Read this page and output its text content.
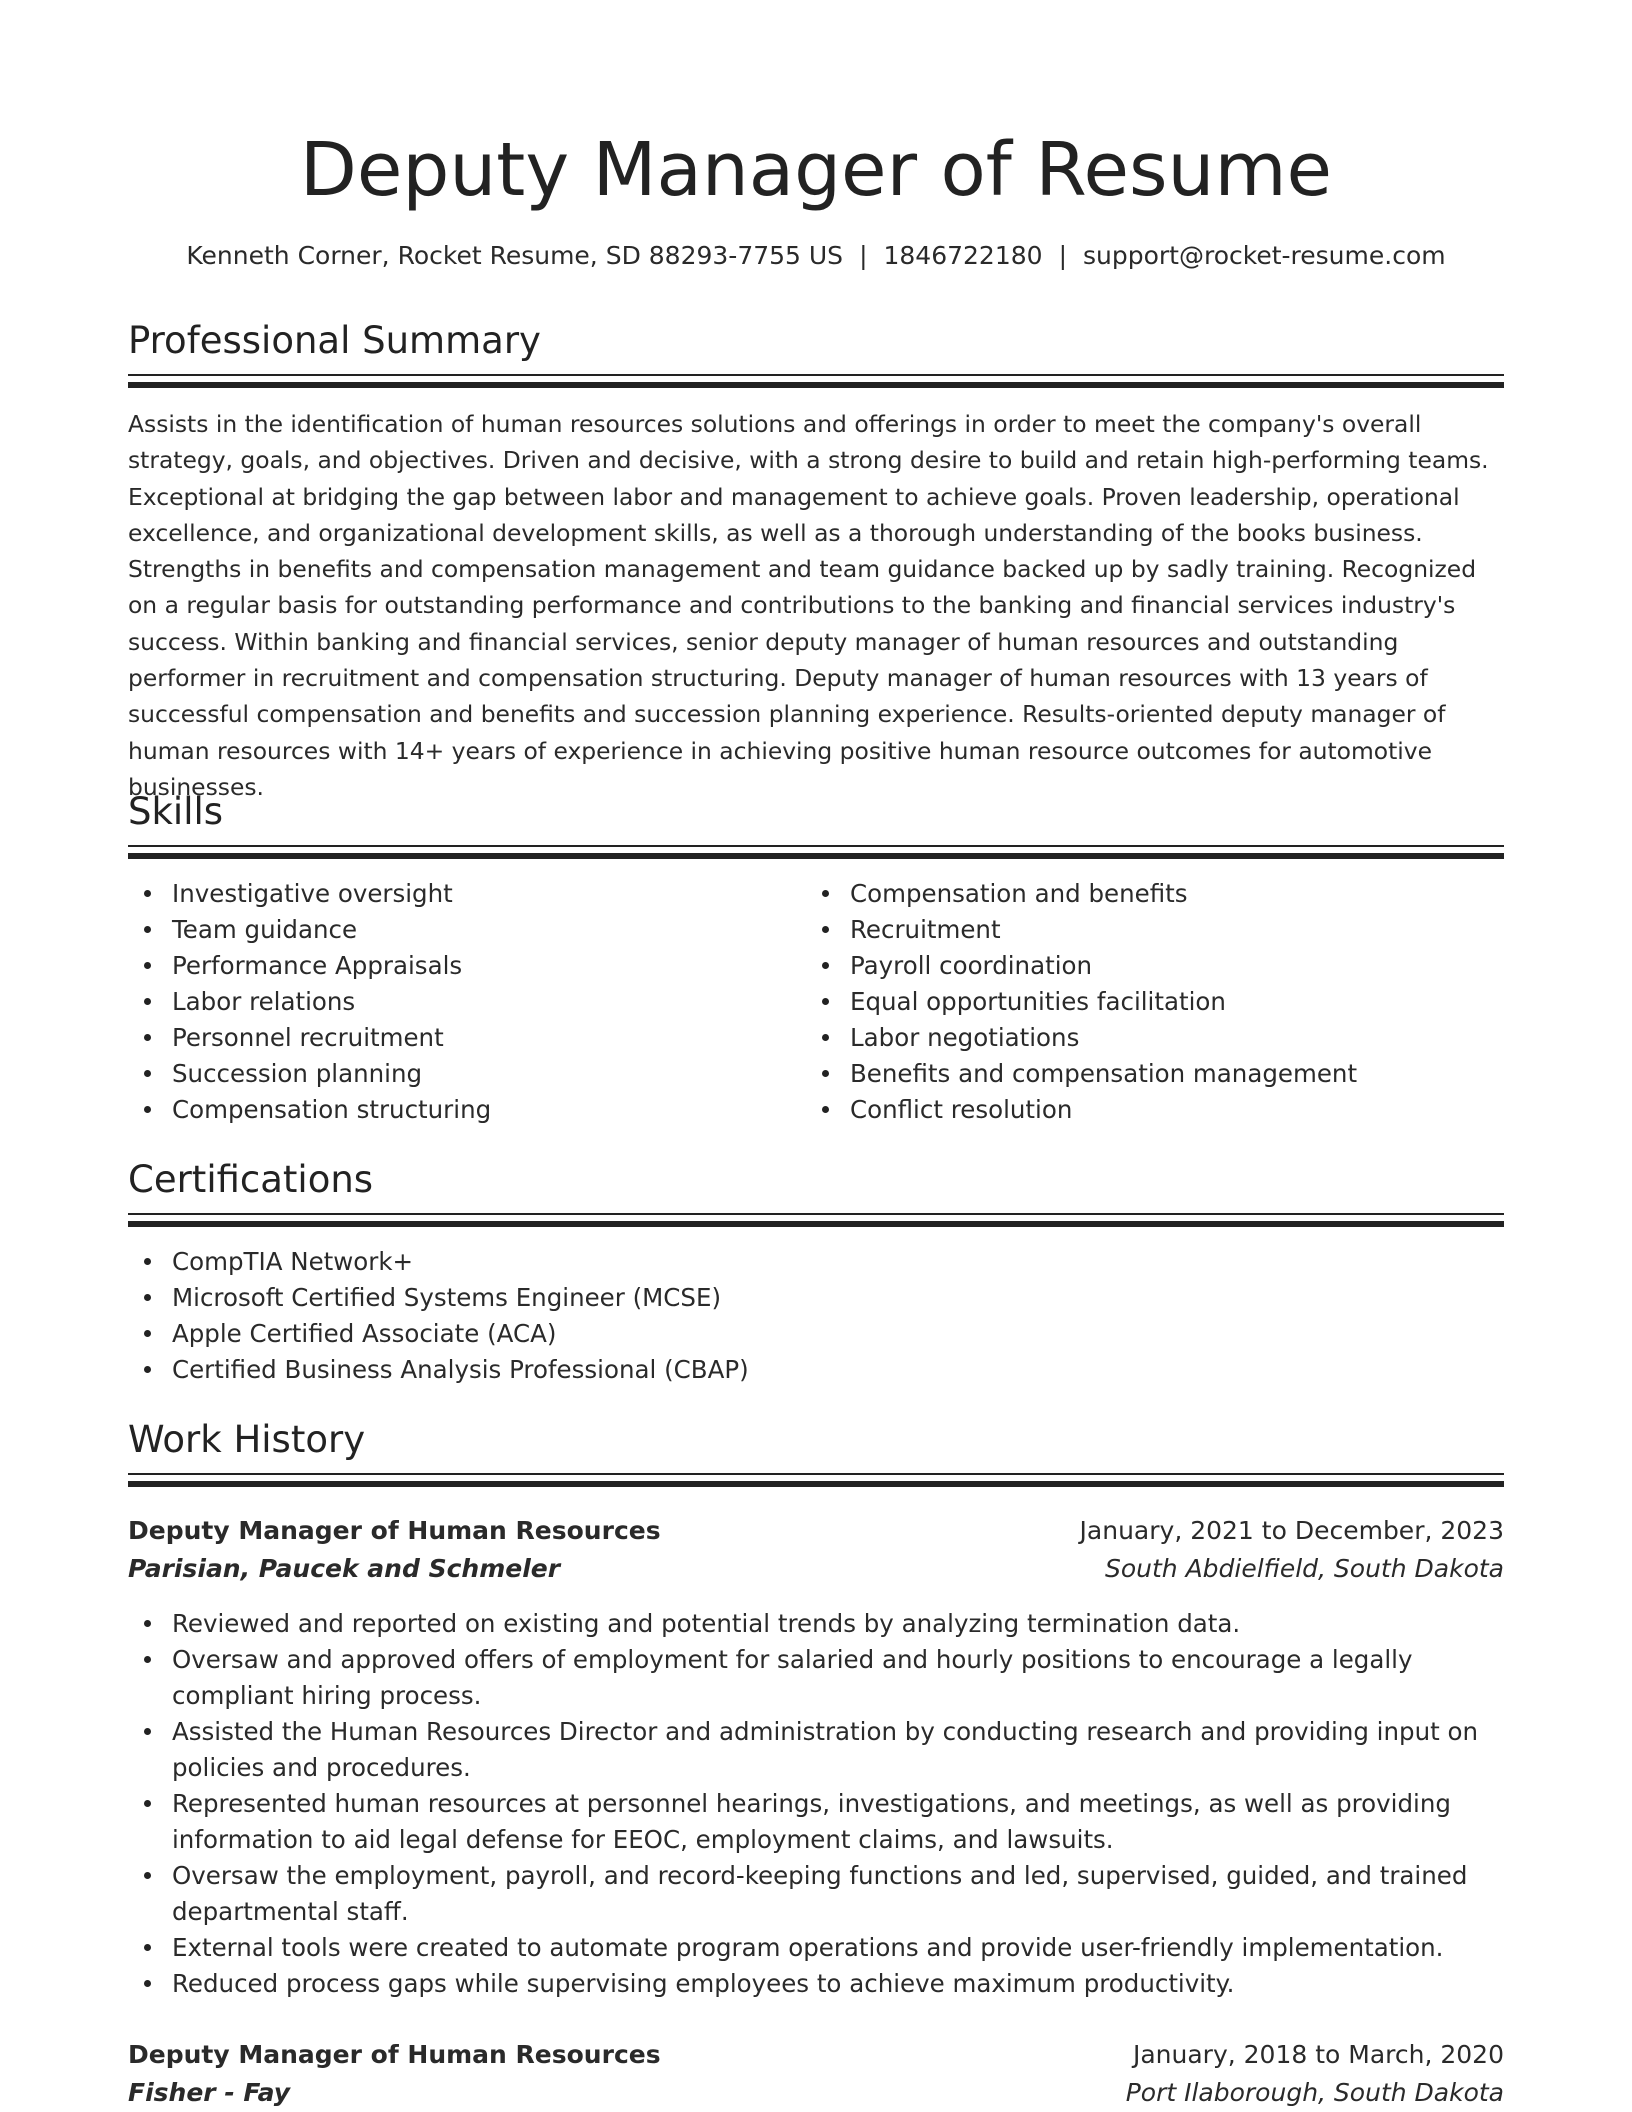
Deputy Manager of Resume
Kenneth Corner, Rocket Resume, SD 88293-7755 US | 1846722180 | support@rocket-resume.com
Professional Summary

Assists in the identification of human resources solutions and offerings in order to meet the company's overall strategy, goals, and objectives. Driven and decisive, with a strong desire to build and retain high-performing teams. Exceptional at bridging the gap between labor and management to achieve goals. Proven leadership, operational excellence, and organizational development skills, as well as a thorough understanding of the books business. Strengths in benefits and compensation management and team guidance backed up by sadly training. Recognized on a regular basis for outstanding performance and contributions to the banking and financial services industry's success. Within banking and financial services, senior deputy manager of human resources and outstanding performer in recruitment and compensation structuring. Deputy manager of human resources with 13 years of successful compensation and benefits and succession planning experience. Results-oriented deputy manager of human resources with 14+ years of experience in achieving positive human resource outcomes for automotive businesses.

Skills
Investigative oversight
Team guidance
Performance Appraisals
Labor relations
Personnel recruitment
Succession planning
Compensation structuring
Compensation and benefits
Recruitment
Payroll coordination
Equal opportunities facilitation
Labor negotiations
Benefits and compensation management
Conflict resolution
Certifications
CompTIA Network+
Microsoft Certified Systems Engineer (MCSE)
Apple Certified Associate (ACA)
Certified Business Analysis Professional (CBAP)
Work History
Deputy Manager of Human Resources	January, 2021 to December, 2023
Parisian, Paucek and Schmeler	South Abdielfield, South Dakota
Reviewed and reported on existing and potential trends by analyzing termination data.
Oversaw and approved offers of employment for salaried and hourly positions to encourage a legally compliant hiring process.
Assisted the Human Resources Director and administration by conducting research and providing input on policies and procedures.
Represented human resources at personnel hearings, investigations, and meetings, as well as providing information to aid legal defense for EEOC, employment claims, and lawsuits.
Oversaw the employment, payroll, and record-keeping functions and led, supervised, guided, and trained departmental staff.
External tools were created to automate program operations and provide user-friendly implementation.
Reduced process gaps while supervising employees to achieve maximum productivity.
Deputy Manager of Human Resources	January, 2018 to March, 2020
Fisher - Fay	Port Ilaborough, South Dakota
